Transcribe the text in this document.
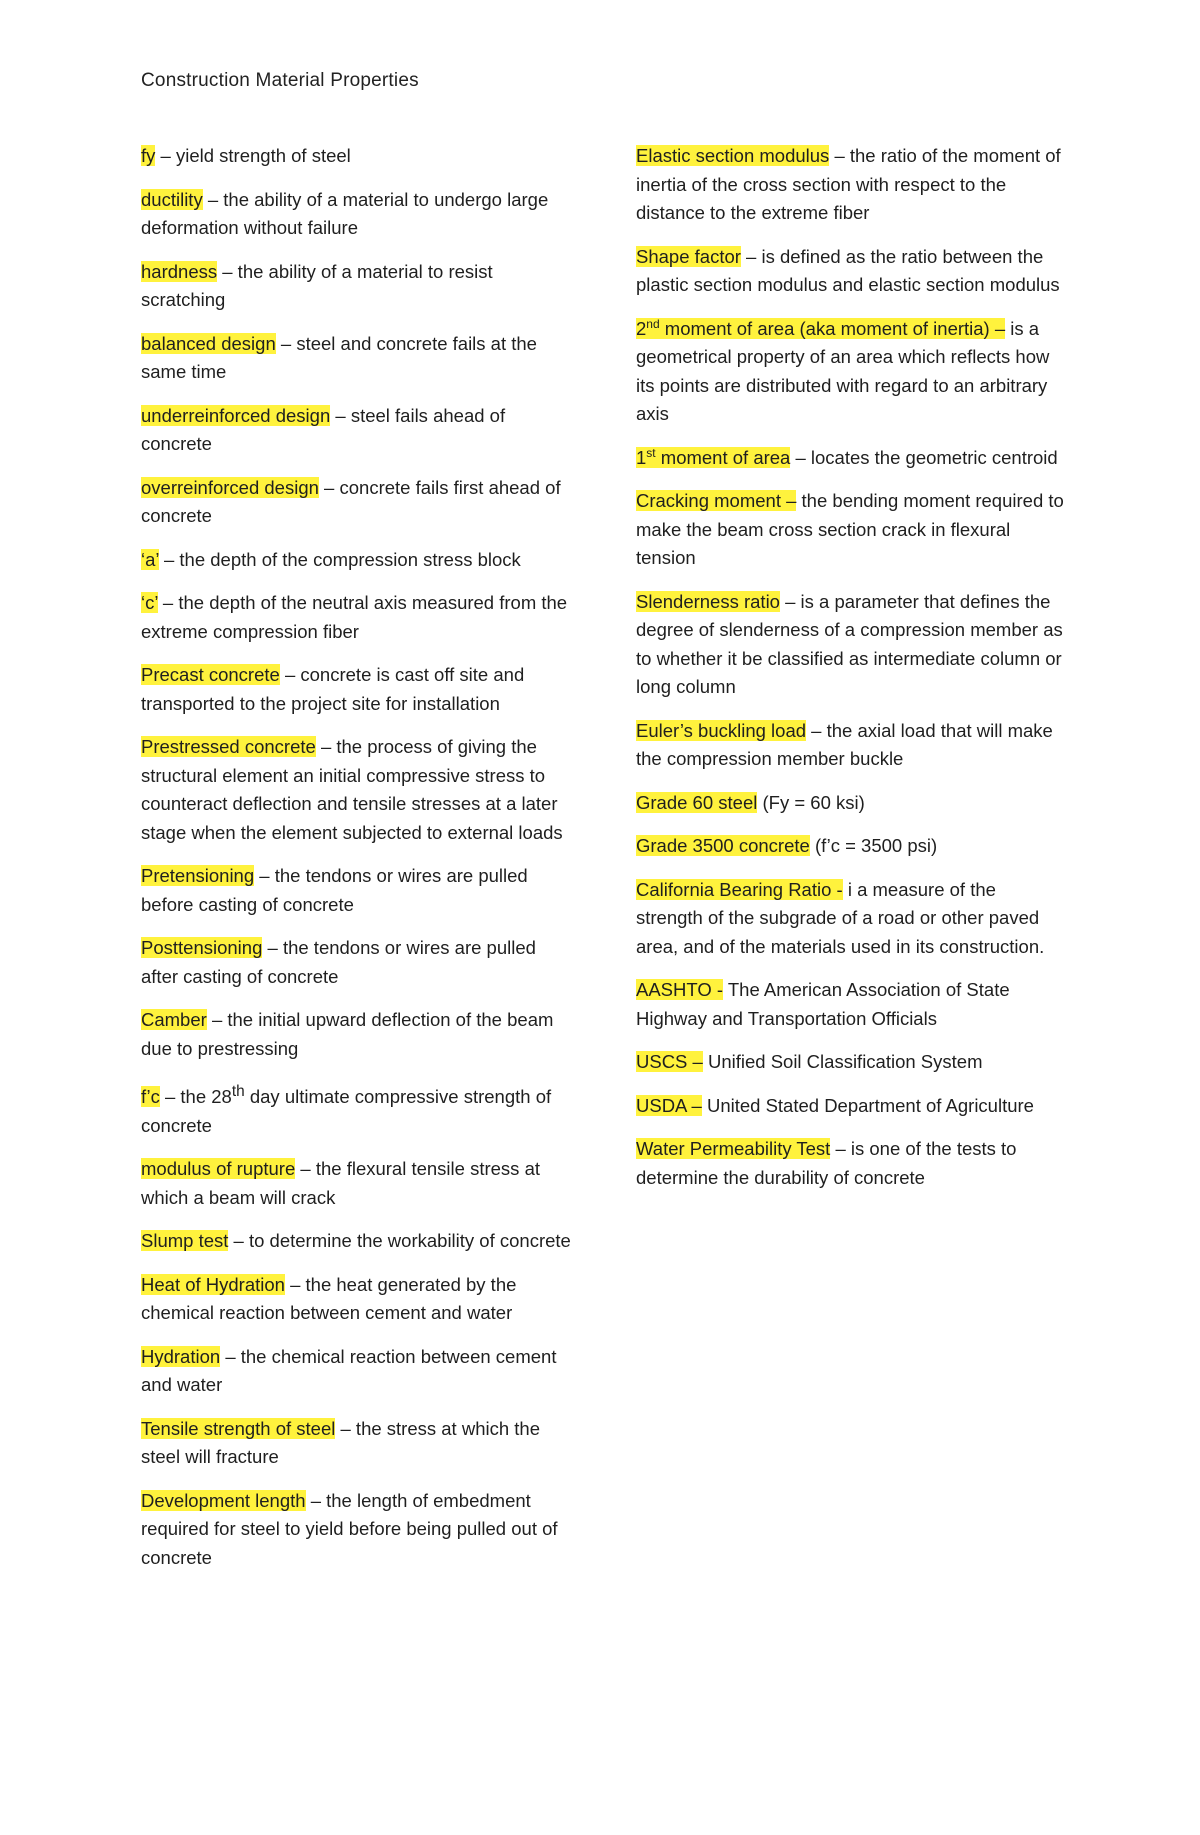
Construction Material Properties

fy – yield strength of steel

ductility – the ability of a material to undergo large deformation without failure

hardness – the ability of a material to resist scratching

balanced design – steel and concrete fails at the same time

underreinforced design – steel fails ahead of concrete

overreinforced design – concrete fails first ahead of concrete

‘a’ – the depth of the compression stress block

‘c’ – the depth of the neutral axis measured from the extreme compression fiber

Precast concrete – concrete is cast off site and transported to the project site for installation

Prestressed concrete – the process of giving the structural element an initial compressive stress to counteract deflection and tensile stresses at a later stage when the element subjected to external loads

Pretensioning – the tendons or wires are pulled before casting of concrete

Posttensioning – the tendons or wires are pulled after casting of concrete

Camber – the initial upward deflection of the beam due to prestressing

f’c – the 28th day ultimate compressive strength of concrete

modulus of rupture – the flexural tensile stress at which a beam will crack

Slump test – to determine the workability of concrete

Heat of Hydration – the heat generated by the chemical reaction between cement and water

Hydration – the chemical reaction between cement and water

Tensile strength of steel – the stress at which the steel will fracture

Development length – the length of embedment required for steel to yield before being pulled out of concrete

Elastic section modulus – the ratio of the moment of inertia of the cross section with respect to the distance to the extreme fiber

Shape factor – is defined as the ratio between the plastic section modulus and elastic section modulus

2nd moment of area (aka moment of inertia) – is a geometrical property of an area which reflects how its points are distributed with regard to an arbitrary axis

1st moment of area – locates the geometric centroid

Cracking moment – the bending moment required to make the beam cross section crack in flexural tension

Slenderness ratio – is a parameter that defines the degree of slenderness of a compression member as to whether it be classified as intermediate column or long column

Euler’s buckling load – the axial load that will make the compression member buckle

Grade 60 steel (Fy = 60 ksi)

Grade 3500 concrete (f’c = 3500 psi)

California Bearing Ratio - i a measure of the strength of the subgrade of a road or other paved area, and of the materials used in its construction.

AASHTO - The American Association of State Highway and Transportation Officials

USCS – Unified Soil Classification System

USDA – United Stated Department of Agriculture

Water Permeability Test – is one of the tests to determine the durability of concrete
